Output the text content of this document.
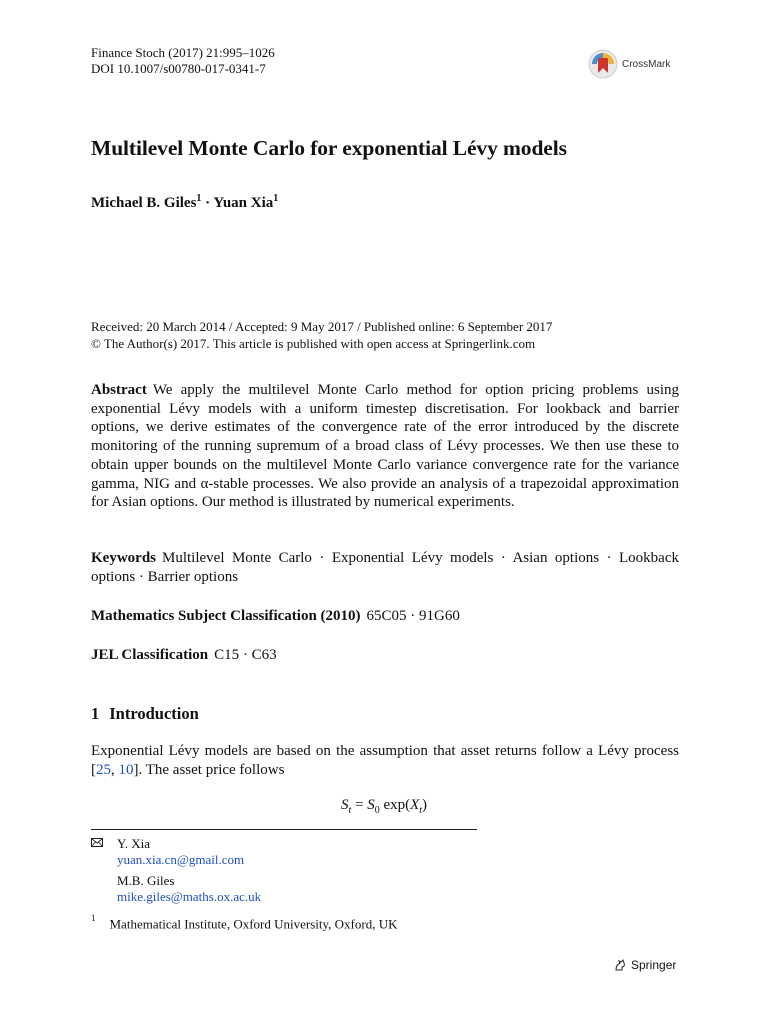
Finance Stoch (2017) 21:995–1026
DOI 10.1007/s00780-017-0341-7	CrossMark
Multilevel Monte Carlo for exponential Lévy models
Michael B. Giles$^1$ · Yuan Xia$^1$
Received: 20 March 2014 / Accepted: 9 May 2017 / Published online: 6 September 2017
© The Author(s) 2017. This article is published with open access at Springerlink.com
Abstract We apply the multilevel Monte Carlo method for option pricing problems using exponential Lévy models with a uniform timestep discretisation. For lookback and barrier options, we derive estimates of the convergence rate of the error introduced by the discrete monitoring of the running supremum of a broad class of Lévy processes. We then use these to obtain upper bounds on the multilevel Monte Carlo variance convergence rate for the variance gamma, NIG and α-stable processes. We also provide an analysis of a trapezoidal approximation for Asian options. Our method is illustrated by numerical experiments.
Keywords Multilevel Monte Carlo · Exponential Lévy models · Asian options · Lookback options · Barrier options
Mathematics Subject Classification (2010) 65C05 · 91G60
JEL Classification C15 · C63
1 Introduction
Exponential Lévy models are based on the assumption that asset returns follow a Lévy process [25, 10]. The asset price follows
$S_t = S_0$ $\exp(X_t)$
Y. Xia
yuan.xia.cn@gmail.com
M.B. Giles
mike.giles@maths.ox.ac.uk
$^1$ Mathematical Institute, Oxford University, Oxford, UK
Springer
